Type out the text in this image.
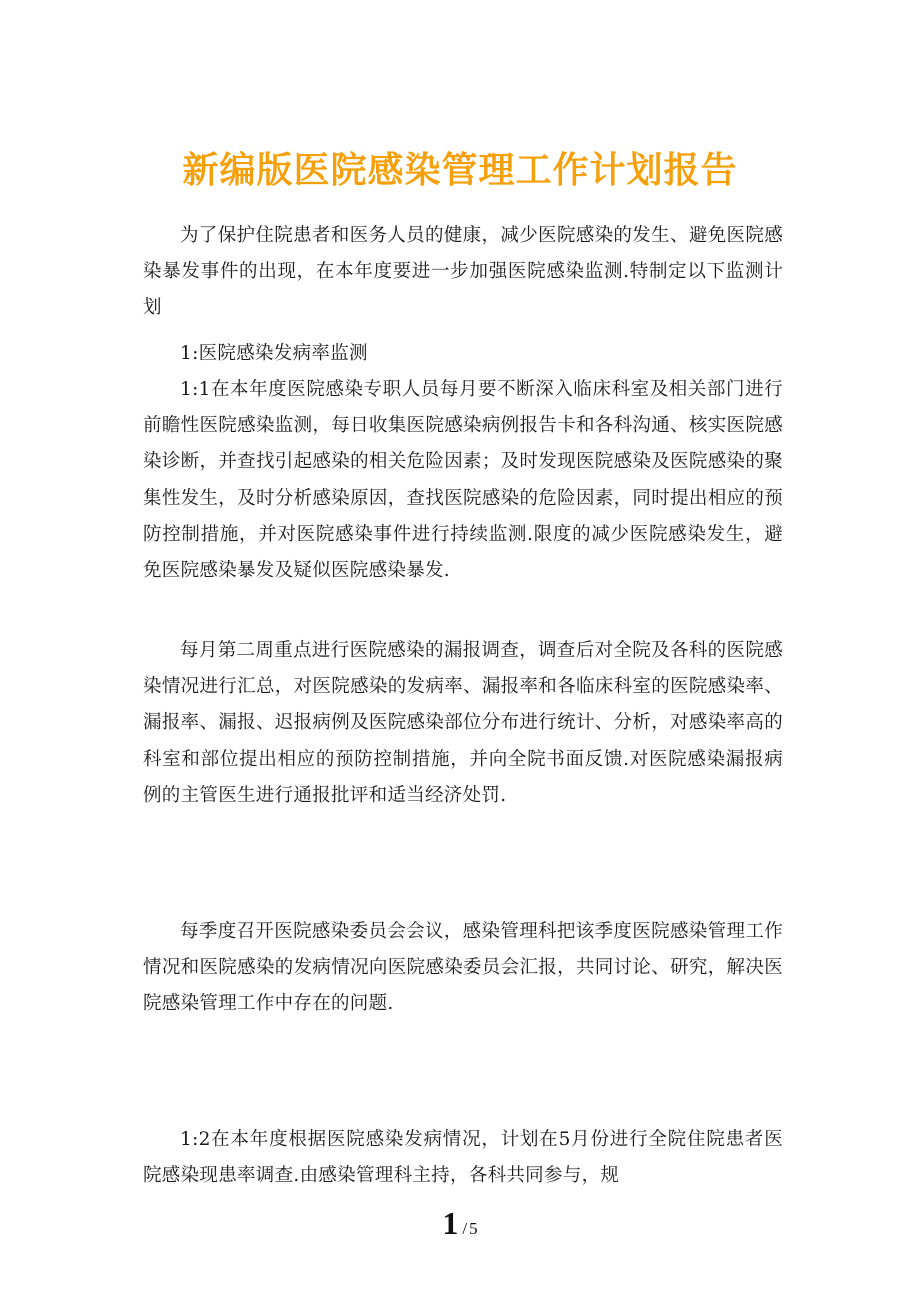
新编版医院感染管理工作计划报告

为了保护住院患者和医务人员的健康，减少医院感染的发生、避免医院感染暴发事件的出现，在本年度要进一步加强医院感染监测.特制定以下监测计划

1:医院感染发病率监测

1:1在本年度医院感染专职人员每月要不断深入临床科室及相关部门进行前瞻性医院感染监测，每日收集医院感染病例报告卡和各科沟通、核实医院感染诊断，并查找引起感染的相关危险因素；及时发现医院感染及医院感染的聚集性发生，及时分析感染原因，查找医院感染的危险因素，同时提出相应的预防控制措施，并对医院感染事件进行持续监测.限度的减少医院感染发生，避免医院感染暴发及疑似医院感染暴发.

每月第二周重点进行医院感染的漏报调查，调查后对全院及各科的医院感染情况进行汇总，对医院感染的发病率、漏报率和各临床科室的医院感染率、漏报率、漏报、迟报病例及医院感染部位分布进行统计、分析，对感染率高的科室和部位提出相应的预防控制措施，并向全院书面反馈.对医院感染漏报病例的主管医生进行通报批评和适当经济处罚.

每季度召开医院感染委员会会议，感染管理科把该季度医院感染管理工作情况和医院感染的发病情况向医院感染委员会汇报，共同讨论、研究，解决医院感染管理工作中存在的问题.

1:2在本年度根据医院感染发病情况，计划在5月份进行全院住院患者医院感染现患率调查.由感染管理科主持，各科共同参与，规

1 / 5
